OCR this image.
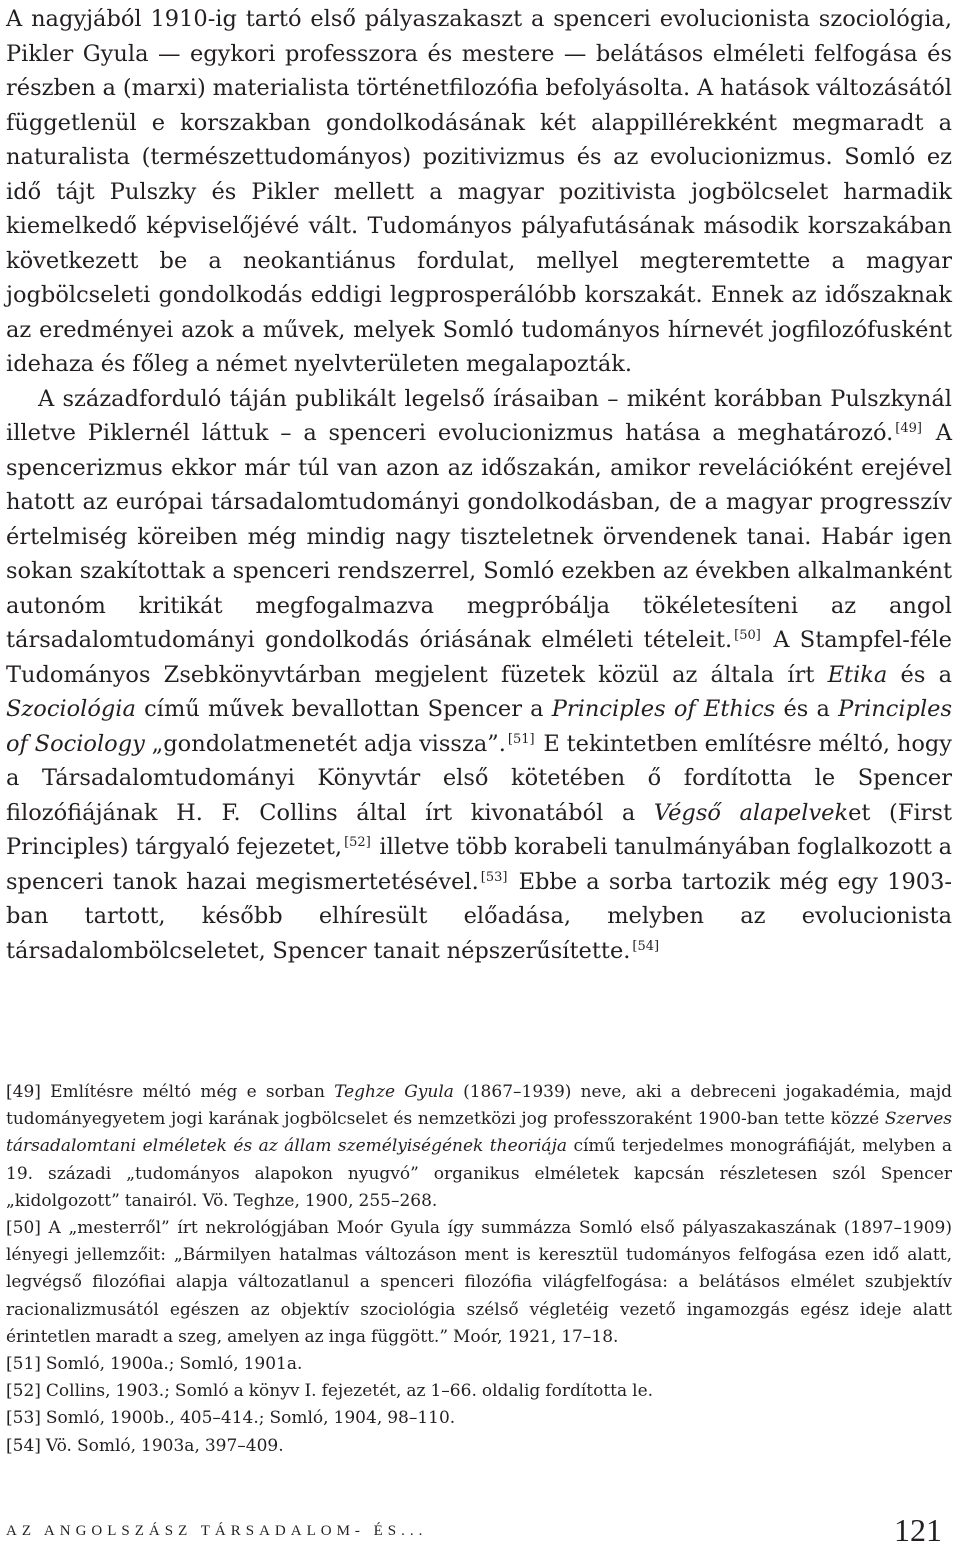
A nagyjából 1910-ig tartó első pályaszakaszt a spenceri evolucionista szociológia, Pikler Gyula — egykori professzora és mestere — belátásos elméleti felfogása és részben a (marxi) materialista történetfilozófia befolyásolta. A hatások változásától függetlenül e korszakban gondolkodásának két alappillérekként megmaradt a naturalista (természettudományos) pozitivizmus és az evolucionizmus. Somló ez idő tájt Pulszky és Pikler mellett a magyar pozitivista jogbölcselet harmadik kiemelkedő képviselőjévé vált. Tudományos pályafutásának második korszakában következett be a neokantiánus fordulat, mellyel megteremtette a magyar jogbölcseleti gondolkodás eddigi legprosperálóbb korszakát. Ennek az időszaknak az eredményei azok a művek, melyek Somló tudományos hírnevét jogfilozófusként idehaza és főleg a német nyelvterületen megalapozták.

A századforduló táján publikált legelső írásaiban – miként korábban Pulszkynál illetve Piklernél láttuk – a spenceri evolucionizmus hatása a meghatározó. [49] A spencerizmus ekkor már túl van azon az időszakán, amikor revelációként erejével hatott az európai társadalomtudományi gondolkodásban, de a magyar progresszív értelmiség köreiben még mindig nagy tiszteletnek örvendenek tanai. Habár igen sokan szakítottak a spenceri rendszerrel, Somló ezekben az években alkalmanként autonóm kritikát megfogalmazva megpróbálja tökéletesíteni az angol társadalomtudományi gondolkodás óriásának elméleti tételeit. [50] A Stampfel-féle Tudományos Zsebkönyvtárban megjelent füzetek közül az általa írt Etika és a Szociológia című művek bevallottan Spencer a Principles of Ethics és a Principles of Sociology „gondolatmenetét adja vissza”. [51] E tekintetben említésre méltó, hogy a Társadalomtudományi Könyvtár első kötetében ő fordította le Spencer filozófiájának H. F. Collins által írt kivonatából a Végső alapelveket (First Principles) tárgyaló fejezetet, [52] illetve több korabeli tanulmányában foglalkozott a spenceri tanok hazai megismertetésével. [53] Ebbe a sorba tartozik még egy 1903-ban tartott, később elhíresült előadása, melyben az evolucionista társadalombölcseletet, Spencer tanait népszerűsítette. [54]

[49] Említésre méltó még e sorban Teghze Gyula (1867–1939) neve, aki a debreceni jogakadémia, majd tudományegyetem jogi karának jogbölcselet és nemzetközi jog professzoraként 1900-ban tette közzé Szerves társadalomtani elméletek és az állam személyiségének theoriája című terjedelmes monográfiáját, melyben a 19. századi „tudományos alapokon nyugvó” organikus elméletek kapcsán részletesen szól Spencer „kidolgozott” tanairól. Vö. Teghze, 1900, 255–268.

[50] A „mesterről” írt nekrológjában Moór Gyula így summázza Somló első pályaszakaszának (1897–1909) lényegi jellemzőit: „Bármilyen hatalmas változáson ment is keresztül tudományos felfogása ezen idő alatt, legvégső filozófiai alapja változatlanul a spenceri filozófia világfelfogása: a belátásos elmélet szubjektív racionalizmusától egészen az objektív szociológia szélső végletéig vezető ingamozgás egész ideje alatt érintetlen maradt a szeg, amelyen az inga függött.” Moór, 1921, 17–18.

[51] Somló, 1900a.; Somló, 1901a.

[52] Collins, 1903.; Somló a könyv I. fejezetét, az 1–66. oldalig fordította le.

[53] Somló, 1900b., 405–414.; Somló, 1904, 98–110.

[54] Vö. Somló, 1903a, 397–409.

AZ ANGOLSZÁSZ TÁRSADALOM- ÉS...	121
